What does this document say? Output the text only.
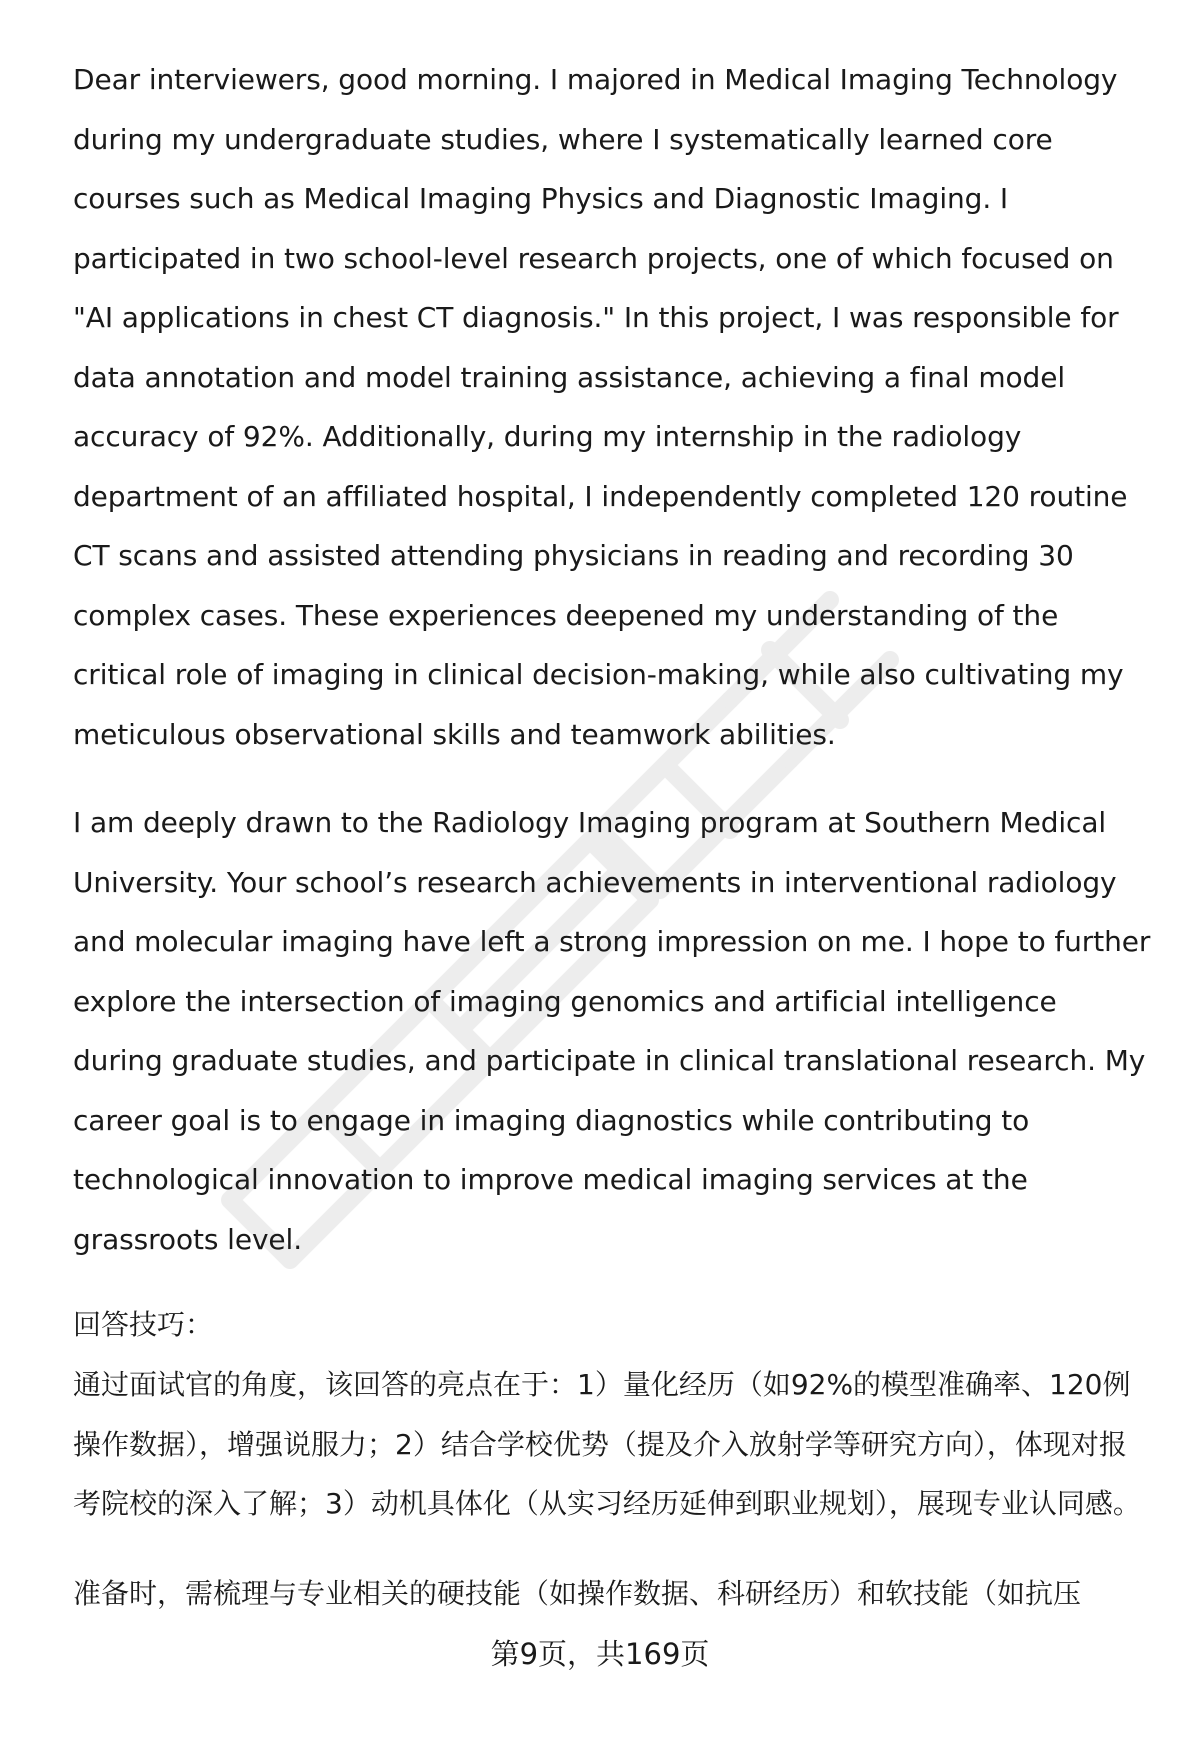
Dear interviewers, good morning. I majored in Medical Imaging Technology during my undergraduate studies, where I systematically learned core courses such as Medical Imaging Physics and Diagnostic Imaging. I participated in two school-level research projects, one of which focused on "AI applications in chest CT diagnosis." In this project, I was responsible for data annotation and model training assistance, achieving a final model accuracy of 92%. Additionally, during my internship in the radiology department of an affiliated hospital, I independently completed 120 routine CT scans and assisted attending physicians in reading and recording 30 complex cases. These experiences deepened my understanding of the critical role of imaging in clinical decision-making, while also cultivating my meticulous observational skills and teamwork abilities.

I am deeply drawn to the Radiology Imaging program at Southern Medical University. Your school’s research achievements in interventional radiology and molecular imaging have left a strong impression on me. I hope to further explore the intersection of imaging genomics and artificial intelligence during graduate studies, and participate in clinical translational research. My career goal is to engage in imaging diagnostics while contributing to technological innovation to improve medical imaging services at the grassroots level.

回答技巧：

通过面试官的角度，该回答的亮点在于：1）量化经历（如92%的模型准确率、120例操作数据），增强说服力；2）结合学校优势（提及介入放射学等研究方向），体现对报考院校的深入了解；3）动机具体化（从实习经历延伸到职业规划），展现专业认同感。

准备时，需梳理与专业相关的硬技能（如操作数据、科研经历）和软技能（如抗压

第9页，共169页
